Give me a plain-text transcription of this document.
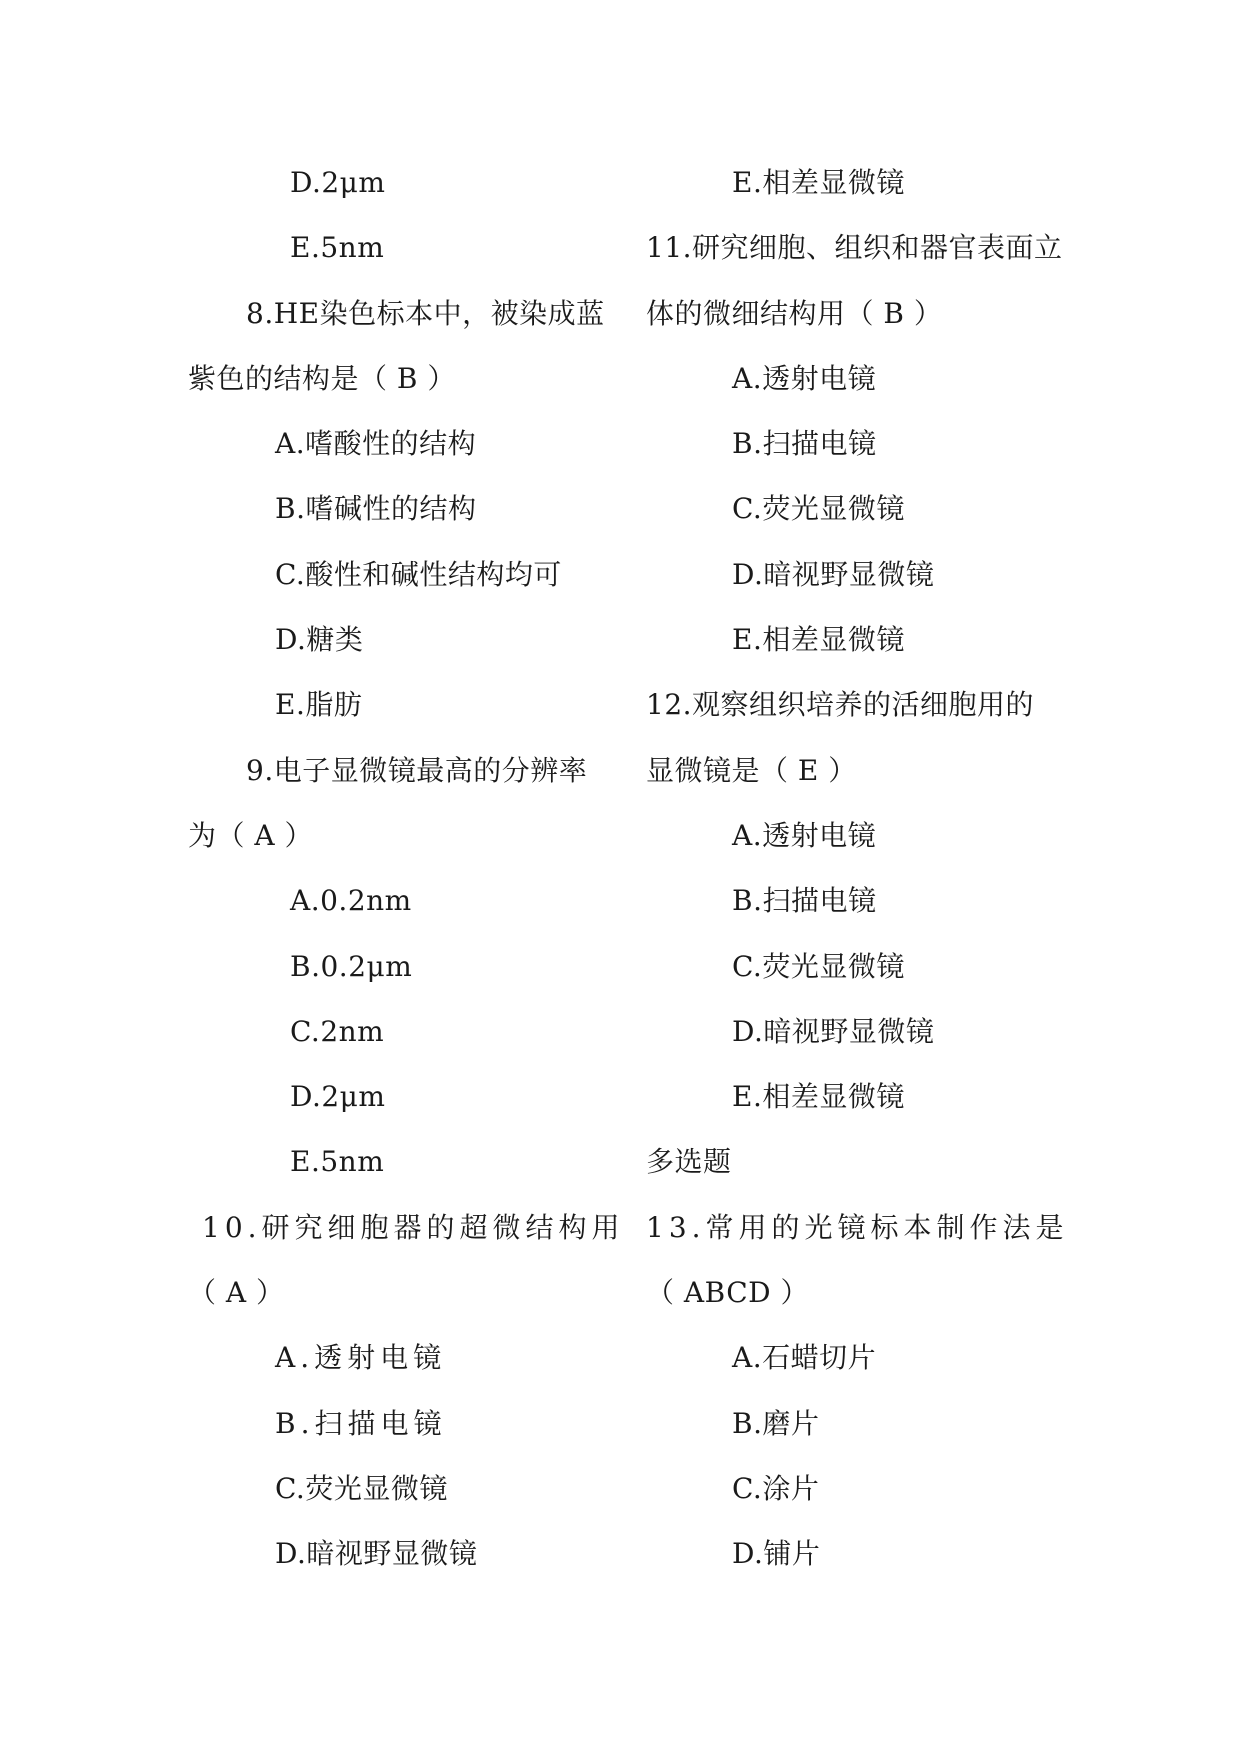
D.2μm
E.5nm
8.HE染色标本中，被染成蓝
紫色的结构是（ B ）
A.嗜酸性的结构
B.嗜碱性的结构
C.酸性和碱性结构均可
D.糖类
E.脂肪
9.电子显微镜最高的分辨率
为（ A ）
A.0.2nm
B.0.2μm
C.2nm
D.2μm
E.5nm
10.研究细胞器的超微结构用
（ A ）
A.透射电镜
B.扫描电镜
C.荧光显微镜
D.暗视野显微镜
E.相差显微镜
11.研究细胞、组织和器官表面立
体的微细结构用（ B ）
A.透射电镜
B.扫描电镜
C.荧光显微镜
D.暗视野显微镜
E.相差显微镜
12.观察组织培养的活细胞用的
显微镜是（ E ）
A.透射电镜
B.扫描电镜
C.荧光显微镜
D.暗视野显微镜
E.相差显微镜
多选题
13.常用的光镜标本制作法是
（ ABCD ）
A.石蜡切片
B.磨片
C.涂片
D.铺片
